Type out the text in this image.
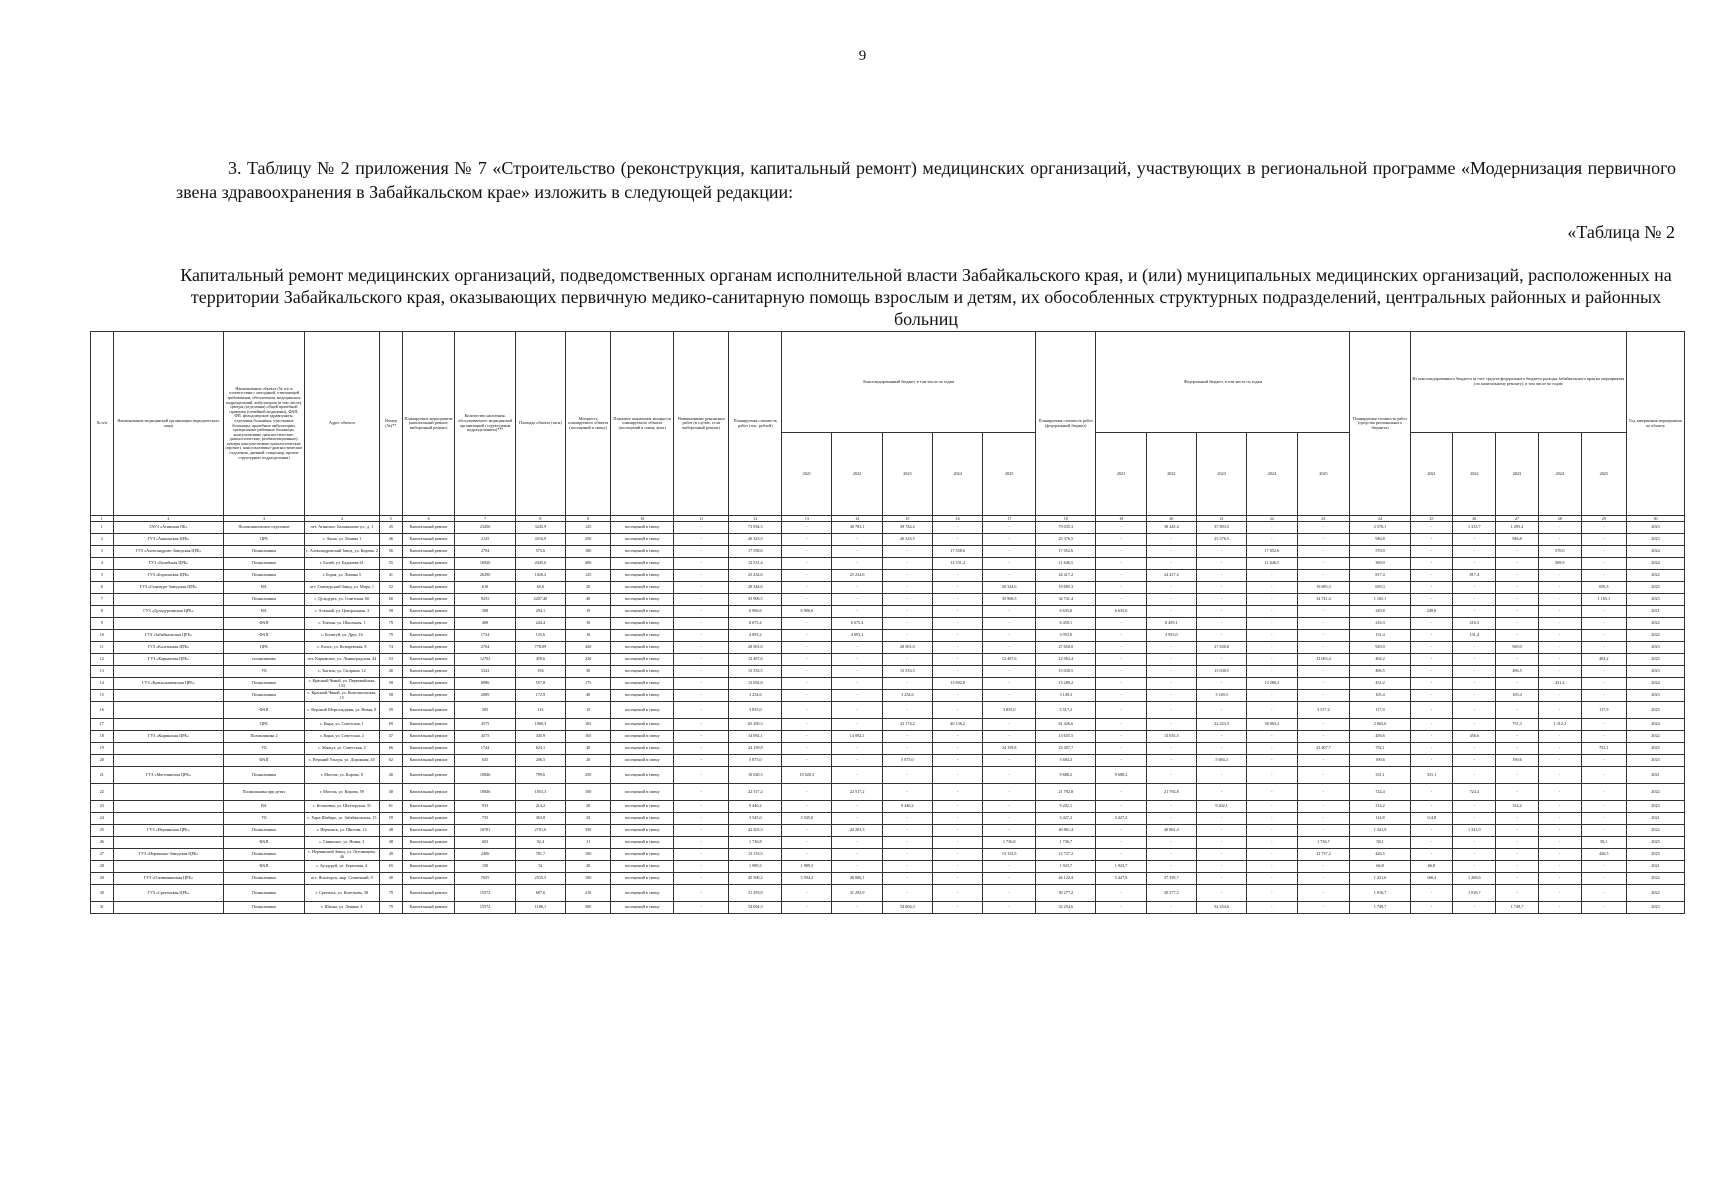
9
3. Таблицу № 2 приложения № 7 «Строительство (реконструкция, капитальный ремонт) медицинских организаций, участвующих в региональной программе «Модернизация первичного звена здравоохранения в Забайкальском крае» изложить в следующей редакции:
«Таблица № 2
Капитальный ремонт медицинских организаций, подведомственных органам исполнительной власти Забайкальского края, и (или) муниципальных медицинских организаций, расположенных на территории Забайкальского края, оказывающих первичную медико-санитарную помощь взрослым и детям, их обособленных структурных подразделений, центральных районных и районных больниц
№ п/п	Наименование медицинской организации (юридического лица)	Наименование объекта (№ п/п в соответствии с методикой, отвечающей требованиям, обеспечения, медицинских подразделений, амбулатория (в том числе), центры (отделения) общей врачебной практики (семейной медицины), ФАП, ФП, фельдшерские здравпункты, отделения больницы, участковые больницы, врачебные амбулатории, центральные районные больницы, консультативно-диагностические, диагностические, реабилитационные), центры консультативно-диагностические (прочие), консультативно-диагностические отделения, дневной стационар, прочие структурные подразделения)	Адрес объекта	Номер (№)**	Планируемое мероприятие (капитальный ремонт, выборочный ремонт)	Количество населения, обслуживаемого медицинской организацией (структурным подразделением)***	Площадь объекта (кв.м)	Мощность планируемого объекта (посещений в смену)	Плановое назначение мощности планируемого объекта (посещений в смену, коек)	Наименование ремонтных работ (в случае, если выборочный ремонт)	Планируемая стоимость работ (тыс. рублей)	Консолидированный бюджет, в том числе по годам					Планируемая стоимость работ (федеральный бюджет)	Федеральный бюджет, в том числе по годам					Планируемая стоимость работ (средства регионального бюджета)	Из консолидированного бюджета за счет средств федерального бюджета расходы Забайкальского края на мероприятия (по капитальному ремонту), в том числе по годам					Год завершения мероприятия по объекту
												2021	2022	2023	2024	2025		2021	2022	2023	2024	2025		2021	2022	2023	2024	2025	
1	2	3	4	5	6	7	8	9	10	11	12	13	14	15	16	17	18	19	20	21	22	23	24	25	26	27	28	29	30
1	ГАУЗ «Агинская ОБ»	Поликлиническое отделение	пгт. Агинское, Бальжинова ул., д. 1	45	Капитальный ремонт	23456	3245,9	125	посещений в смену	-	73 934,3	-	40 783,1	39 744,2	-	-	79 035,3	-	38 445,4	37 893,5	-	-	2 576,1	-	1 333,7	1 295,4	-	-	2023
2	ГУЗ «Акшинская ЦРБ»	ЦРБ	с. Акша, ул. Ленина 1	46	Капитальный ремонт	2125	4316,9	250	посещений в смену	-	26 323,5	-	-	26 323,5	-	-	25 376,5	-	-	25 376,5	-	-	946,8	-	-	946,8	-	-	2023
3	ГУЗ «Александрово-Заводская ЦРБ»	Поликлиника	с. Александровский Завод, ул. Кирова, 2	56	Капитальный ремонт	2794	573,6	180	посещений в смену	-	17 558,6	-	-	-	17 558,6	-	17 052,6	-	-	-	17 052,6	-	570,0	-	-	-	570,0	-	2024
4	ГУЗ «Балейская ЦРБ»	Поликлиника	г. Балей, ул. Бадмаева 41	55	Капитальный ремонт	16920	2045,6	400	посещений в смену	-	12 531,4	-	-	-	12 531,4	-	11 646,5	-	-	-	11 646,5	-	369,9	-	-	-	369,9	-	2024
5	ГУЗ «Борзинская ЦРБ»	Поликлиника	г. Борзя, ул. Ленина 5	41	Капитальный ремонт	26290	1026,2	125	посещений в смену	-	25 234,6	-	25 234,6	-	-	-	24 417,2	-	24 417,2	-	-	-	817,4	-	817,4	-	-	-	2022
6	ГУЗ «Газимуро-Заводская ЦРБ»	ВА	пгт. Газимурский Завод, ул. Мира, 1	52	Капитальный ремонт	610	65,6	20	посещений в смену	-	20 344,6	-	-	-	-	20 344,6	19 685,3	-	-	-	-	19 685,3	659,3	-	-	-	-	659,3	2025
7		Поликлиника	г. Дульдурга, ул. Советская, 60	60	Капитальный ремонт	9255	2207,40	40	посещений в смену	-	35 906,5	-	-	-	-	35 906,5	34 741,4	-	-	-	-	34 741,4	1 165,1	-	-	-	-	1 165,1	2025
8	ГУЗ «Дульдургинская ЦРБ»	ВА	с. Алханай, ул. Центральная, 3	58	Капитальный ремонт	568	294,1	19	посещений в смену	-	6 906,6	6 906,6	-	-	-	-	6 635,6	6 635,6	-	-	-	-	249,8	249,8	-	-	-	-	2021
9		ФАП	с. Токчин, ул. Школьная, 1	79	Капитальный ремонт	408	244,4	10	посещений в смену	-	6 675,4	-	6 675,4	-	-	-	6 459,1	-	6 459,1	-	-	-	216,3	-	216,3	-	-	-	2022
10	ГУЗ «Забайкальская ЦРБ»	ФАП	с. Билитуй, ул. Друг, 16	79	Капитальный ремонт	1734	135,6	10	посещений в смену	-	4 093,2	-	4 093,2	-	-	-	3 953,0	-	3 953,0	-	-	-	131,4	-	131,4	-	-	-	2022
11	ГУЗ «Калганская ЦРБ»	ЦРБ	с. Калга, ул. Козыревская, 8	74	Капитальный ремонт	2764	778,09	420	посещений в смену	-	28 501,0	-	-	28 501,0	-	-	27 650,0	-	-	27 650,0	-	-	929,0	-	-	929,0	-	-	2023
12	ГУЗ «Карымская ЦРБ»	поликлиника	пгт. Карымское, ул. Ленинградская, 44	53	Капитальный ремонт	12702	459,6	220	посещений в смену	-	12 467,6	-	-	-	-	12 467,6	12 063,4	-	-	-	-	12 063,4	404,2	-	-	-	-	404,2	2025
13		УБ	с. Тыгиль, ул. Гагарина, 12	40	Капитальный ремонт	3322	194	30	посещений в смену	-	15 533,5	-	-	15 533,5	-	-	15 030,5	-	-	15 030,5	-	-	496,5	-	-	496,5	-	-	2023
14	ГУЗ «Краснокаменская ЦРБ»	Поликлиника	с. Красный Чикой, ул. Первомайская, 133	58	Капитальный ремонт	6986	557,8	175	посещений в смену	-	13 692,8	-	-	-	13 692,8	-	13 280,2	-	-	-	13 280,2	-	431,2	-	-	-	431,2	-	2024
15		Поликлиника	с. Красный Чикой, ул. Комсомольская, 15	58	Капитальный ремонт	2089	172,9	40	посещений в смену	-	3 254,6	-	-	3 254,6	-	-	3 149,3	-	-	3 149,3	-	-	105,4	-	-	105,4	-	-	2023
16		ФАП	с. Верхний Шергольджин, ул. Новая, 8	59	Капитальный ремонт	505	112	15	посещений в смену	-	3 835,0	-	-	-	-	3 835,0	3 517,2	-	-	-	-	3 517,2	117,9	-	-	-	-	117,9	2025
17		ЦРБ	с. Кыра, ул. Советская, 1	69	Капитальный ремонт	4575	1060,3	165	посещений в смену	-	65 450,3	-	-	23 174,2	40 136,2	-	61 426,6	-	-	22 423,5	38 003,2	-	2 063,6	-	-	751,3	1 312,3	-	2024
18	ГУЗ «Кыринская ЦРБ»	Поликлиника 2	с. Кыра, ул. Советская, 2	47	Капитальный ремонт	4575	345,9	165	посещений в смену	-	14 092,1	-	14 092,1	-	-	-	13 635,5	-	13 635,5	-	-	-	456,6	-	456,6	-	-	-	2022
19		УБ	с. Мангут, ул. Советская, 2	66	Капитальный ремонт	1744	624,1	40	посещений в смену	-	24 159,8	-	-	-	-	24 159,8	23 407,7	-	-	-	-	23 407,7	752,1	-	-	-	-	752,1	2025
20		ФАП	с. Верхний Ульхун, ул. Дорожная, 45	62	Капитальный ремонт	635	206,5	20	посещений в смену	-	5 875,0	-	-	5 875,0	-	-	5 684,3	-	-	5 684,3	-	-	190,6	-	-	190,6	-	-	2023
21	ГУЗ «Могочинская ЦРБ»	Поликлиника	г. Могоча, ул. Кирова, 8	40	Капитальный ремонт	10846	799,6	250	посещений в смену	-	10 020,3	10 020,3	-	-	-	-	9 688,2	9 688,2	-	-	-	-	331,1	331,1	-	-	-	-	2021
22		Поликлиника при детях	г. Могоча, ул. Кирова, 59	40	Капитальный ремонт	10846	1053,3	100	посещений в смену	-	22 517,2	-	22 517,2	-	-	-	21 792,8	-	21 792,8	-	-	-	724,4	-	724,4	-	-	-	2022
23		ВА	с. Ксеньевка, ул. Шахтерская, 31	61	Капитальный ремонт	933	214,2	20	посещений в смену	-	9 446,2	-	-	9 446,2	-	-	9 202,1	-	-	9 202,1	-	-	314,2	-	-	314,2	-	-	2023
24		УБ	с. Хара-Шибирь, ул. Забайкальская, 15	59	Капитальный ремонт	735	363,8	25	посещений в смену	-	3 545,0	3 545,0	-	-	-	-	3 427,2	3 427,2	-	-	-	-	114,8	114,8	-	-	-	-	2021
25	ГУЗ «Нерчинская ЦРБ»	Поликлиника	г. Нерчинск, ул. Шилова, 12	48	Капитальный ремонт	16701	2701,6	350	посещений в смену	-	42 203,3	-	42 203,3	-	-	-	40 861,4	-	40 861,4	-	-	-	1 341,9	-	1 341,9	-	-	-	2022
26		ФАП	с. Гаванское, ул. Новая, 2	48	Капитальный ремонт	603	92,4	11	посещений в смену	-	1 736,8	-	-	-	-	1 736,8	1 736,7	-	-	-	-	1 736,7	58,1	-	-	-	-	58,1	2025
27	ГУЗ «Нерчинско-Заводская ЦРБ»	Поликлиника	с. Нерчинский Завод, ул. Луговищева, 46	49	Капитальный ремонт	2406	781,7	100	посещений в смену	-	13 153,5	-	-	-	-	13 153,5	12 737,2	-	-	-	-	12 737,2	426,5	-	-	-	-	426,5	2025
28		ФАП	с. Булдуруй, ул. Береговая, 4	65	Капитальный ремонт	150	52	20	посещений в смену	-	1 989,3	1 989,3	-	-	-	-	1 923,7	1 923,7	-	-	-	-	66,8	66,8	-	-	-	-	2021
29	ГУЗ «Оловяннинская ЦРБ»	Поликлиника	пгт. Ясногорск, мкр. Солнечный, 9	40	Капитальный ремонт	7655	2535,5	100	посещений в смену	-	45 500,2	5 594,2	40 006,1	-	-	-	44 122,4	5 427,8	37 195,7	-	-	-	1 431,6	166,4	1 269,6	-	-	-	2022
30	ГУЗ «Сретенская ЦРБ»	Поликлиника	г. Сретенск, ул. Кочеткова, 38	79	Капитальный ремонт	15572	697,6	210	посещений в смену	-	31 293,9	-	31 293,9	-	-	-	30 277,2	-	30 277,2	-	-	-	1 016,7	-	1 016,7	-	-	-	2022
31		Поликлиника	г. Шилка, ул. Ленина, 4	79	Капитальный ремонт	15572	1186,1	300	посещений в смену	-	54 004,3	-	-	54 004,3	-	-	52 254,6	-	-	52 254,6	-	-	1 749,7	-	-	1 749,7	-	-	2023
